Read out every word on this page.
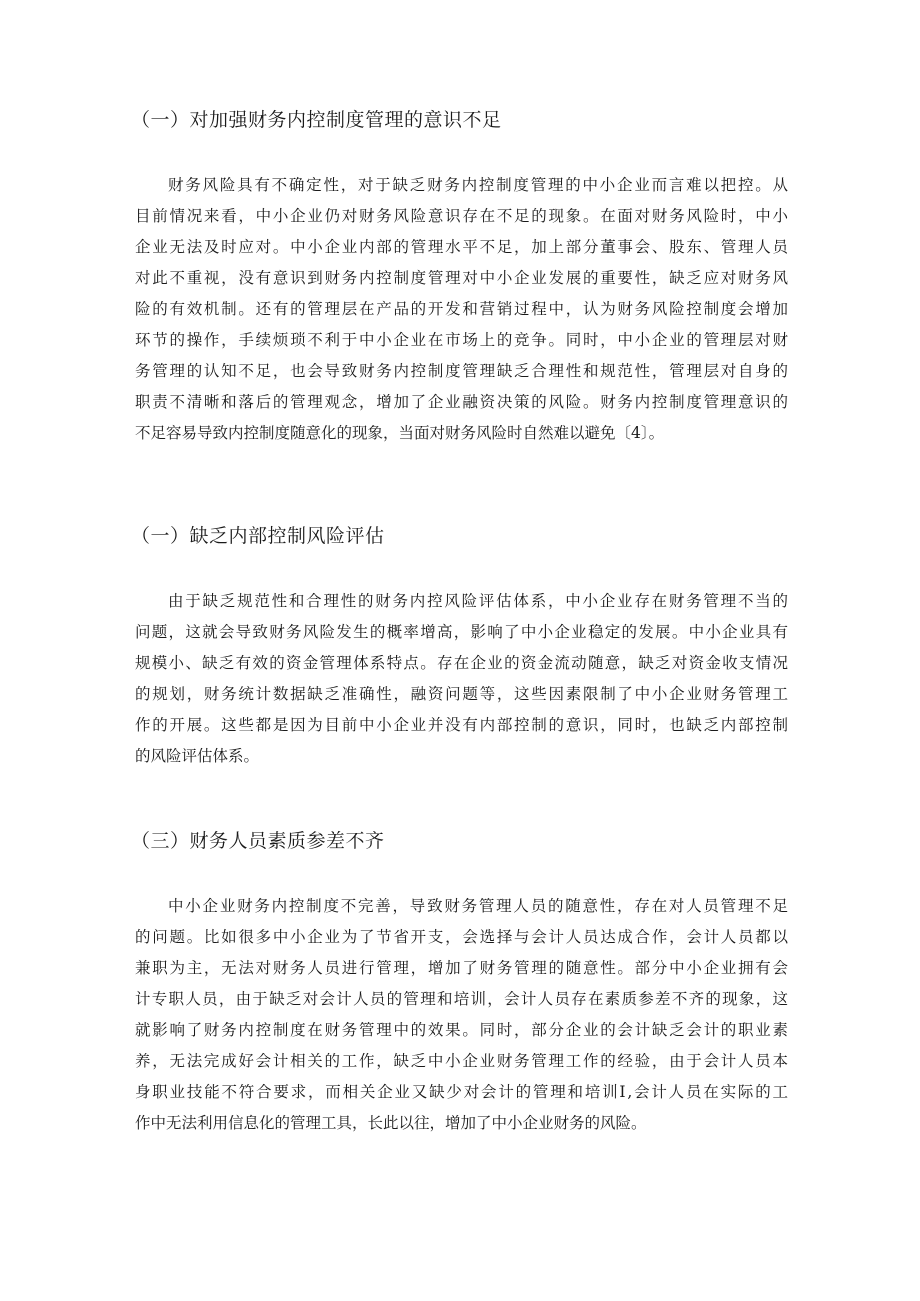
（一）对加强财务内控制度管理的意识不足
财务风险具有不确定性，对于缺乏财务内控制度管理的中小企业而言难以把控。从
目前情况来看，中小企业仍对财务风险意识存在不足的现象。在面对财务风险时，中小
企业无法及时应对。中小企业内部的管理水平不足，加上部分董事会、股东、管理人员
对此不重视，没有意识到财务内控制度管理对中小企业发展的重要性，缺乏应对财务风
险的有效机制。还有的管理层在产品的开发和营销过程中，认为财务风险控制度会增加
环节的操作，手续烦琐不利于中小企业在市场上的竞争。同时，中小企业的管理层对财
务管理的认知不足，也会导致财务内控制度管理缺乏合理性和规范性，管理层对自身的
职责不清晰和落后的管理观念，增加了企业融资决策的风险。财务内控制度管理意识的
不足容易导致内控制度随意化的现象，当面对财务风险时自然难以避免〔4〕。
（一）缺乏内部控制风险评估
由于缺乏规范性和合理性的财务内控风险评估体系，中小企业存在财务管理不当的
问题，这就会导致财务风险发生的概率增高，影响了中小企业稳定的发展。中小企业具有
规模小、缺乏有效的资金管理体系特点。存在企业的资金流动随意，缺乏对资金收支情况
的规划，财务统计数据缺乏准确性，融资问题等，这些因素限制了中小企业财务管理工
作的开展。这些都是因为目前中小企业并没有内部控制的意识，同时，也缺乏内部控制
的风险评估体系。
（三）财务人员素质参差不齐
中小企业财务内控制度不完善，导致财务管理人员的随意性，存在对人员管理不足
的问题。比如很多中小企业为了节省开支，会选择与会计人员达成合作，会计人员都以
兼职为主，无法对财务人员进行管理，增加了财务管理的随意性。部分中小企业拥有会
计专职人员，由于缺乏对会计人员的管理和培训，会计人员存在素质参差不齐的现象，这
就影响了财务内控制度在财务管理中的效果。同时，部分企业的会计缺乏会计的职业素
养，无法完成好会计相关的工作，缺乏中小企业财务管理工作的经验，由于会计人员本
身职业技能不符合要求，而相关企业又缺少对会计的管理和培训Ⅰ,会计人员在实际的工
作中无法利用信息化的管理工具，长此以往，增加了中小企业财务的风险。
